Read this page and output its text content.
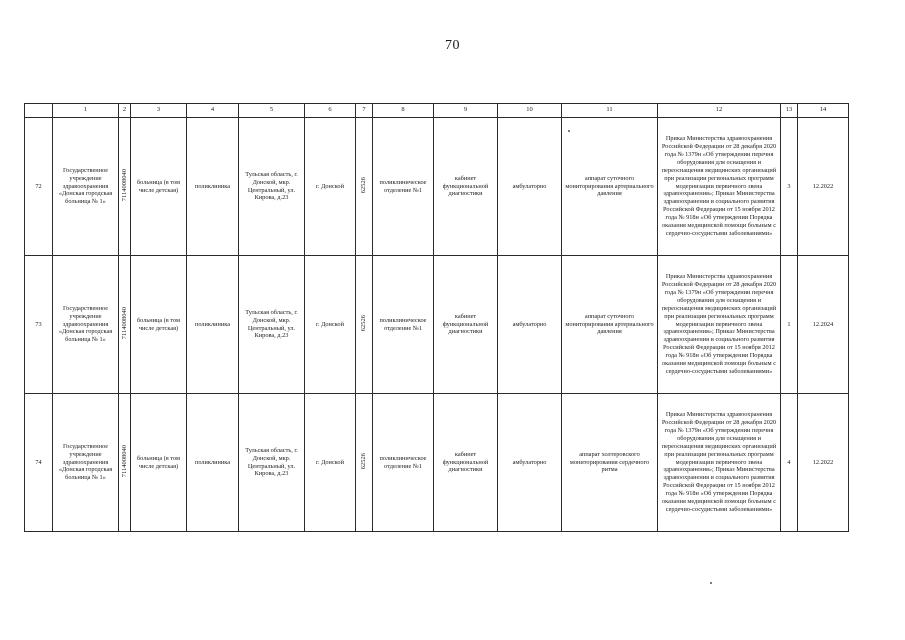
70
	1	2	3	4	5	6	7	8	9	10	11	12	13	14
72	Государственное учреждение здравоохранения «Донская городская больница № 1»	7114008040	больница (в том числе детская)	поликлиника	Тульская область, г. Донской, мкр. Центральный, ул. Кирова, д.23	г. Донской	62526	поликлиническое отделение №1	кабинет функциональной диагностики	амбулаторно	аппарат суточного мониторирования артериального давления	Приказ Министерства здравоохранения Российской Федерации от 28 декабря 2020 года № 1379н «Об утверждении перечня оборудования для оснащения и переоснащения медицинских организаций при реализации региональных программ модернизации первичного звена здравоохранения»; Приказ Министерства здравоохранения и социального развития Российской Федерации от 15 ноября 2012 года № 918н «Об утверждении Порядка оказания медицинской помощи больным с сердечно-сосудистыми заболеваниями»	3	12.2022
73	Государственное учреждение здравоохранения «Донская городская больница № 1»	7114008040	больница (в том числе детская)	поликлиника	Тульская область, г. Донской, мкр. Центральный, ул. Кирова, д.23	г. Донской	62526	поликлиническое отделение №1	кабинет функциональной диагностики	амбулаторно	аппарат суточного мониторирования артериального давления	Приказ Министерства здравоохранения Российской Федерации от 28 декабря 2020 года № 1379н «Об утверждении перечня оборудования для оснащения и переоснащения медицинских организаций при реализации региональных программ модернизации первичного звена здравоохранения»; Приказ Министерства здравоохранения и социального развития Российской Федерации от 15 ноября 2012 года № 918н «Об утверждении Порядка оказания медицинской помощи больным с сердечно-сосудистыми заболеваниями»	1	12.2024
74	Государственное учреждение здравоохранения «Донская городская больница № 1»	7114008040	больница (в том числе детская)	поликлиника	Тульская область, г. Донской, мкр. Центральный, ул. Кирова, д.23	г. Донской	62526	поликлиническое отделение №1	кабинет функциональной диагностики	амбулаторно	аппарат холтеровского мониторирования сердечного ритма	Приказ Министерства здравоохранения Российской Федерации от 28 декабря 2020 года № 1379н «Об утверждении перечня оборудования для оснащения и переоснащения медицинских организаций при реализации региональных программ модернизации первичного звена здравоохранения»; Приказ Министерства здравоохранения и социального развития Российской Федерации от 15 ноября 2012 года № 918н «Об утверждении Порядка оказания медицинской помощи больным с сердечно-сосудистыми заболеваниями»	4	12.2022
